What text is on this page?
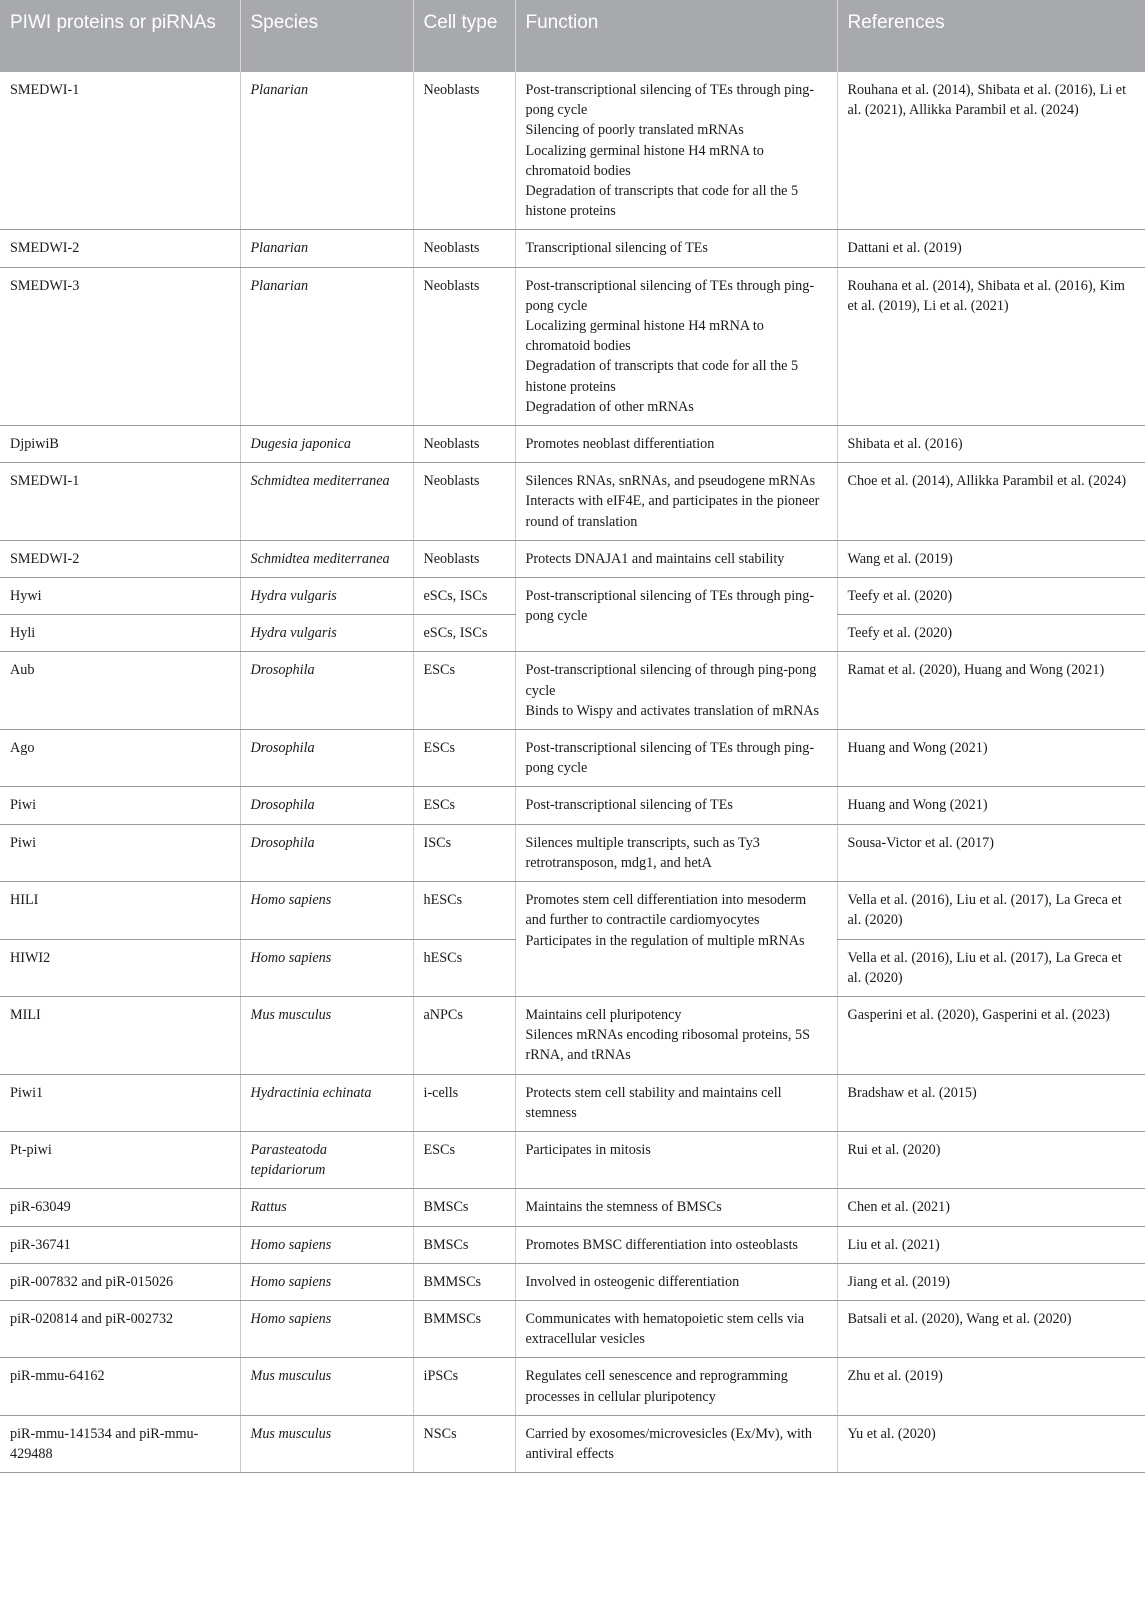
PIWI proteins or piRNAs	Species	Cell type	Function	References
SMEDWI-1	Planarian	Neoblasts	Post-transcriptional silencing of TEs through ping-pong cycle
Silencing of poorly translated mRNAs
Localizing germinal histone H4 mRNA to chromatoid bodies
Degradation of transcripts that code for all the 5 histone proteins	Rouhana et al. (2014), Shibata et al. (2016), Li et al. (2021), Allikka Parambil et al. (2024)
SMEDWI-2	Planarian	Neoblasts	Transcriptional silencing of TEs	Dattani et al. (2019)
SMEDWI-3	Planarian	Neoblasts	Post-transcriptional silencing of TEs through ping-pong cycle
Localizing germinal histone H4 mRNA to chromatoid bodies
Degradation of transcripts that code for all the 5 histone proteins
Degradation of other mRNAs	Rouhana et al. (2014), Shibata et al. (2016), Kim et al. (2019), Li et al. (2021)
DjpiwiB	Dugesia japonica	Neoblasts	Promotes neoblast differentiation	Shibata et al. (2016)
SMEDWI-1	Schmidtea mediterranea	Neoblasts	Silences RNAs, snRNAs, and pseudogene mRNAs
Interacts with eIF4E, and participates in the pioneer round of translation	Choe et al. (2014), Allikka Parambil et al. (2024)
SMEDWI-2	Schmidtea mediterranea	Neoblasts	Protects DNAJA1 and maintains cell stability	Wang et al. (2019)
Hywi	Hydra vulgaris	eSCs, ISCs	Post-transcriptional silencing of TEs through ping-pong cycle	Teefy et al. (2020)
Hyli	Hydra vulgaris	eSCs, ISCs		Teefy et al. (2020)
Aub	Drosophila	ESCs	Post-transcriptional silencing of through ping-pong cycle
Binds to Wispy and activates translation of mRNAs	Ramat et al. (2020), Huang and Wong (2021)
Ago	Drosophila	ESCs	Post-transcriptional silencing of TEs through ping-pong cycle	Huang and Wong (2021)
Piwi	Drosophila	ESCs	Post-transcriptional silencing of TEs	Huang and Wong (2021)
Piwi	Drosophila	ISCs	Silences multiple transcripts, such as Ty3 retrotransposon, mdg1, and hetA	Sousa-Victor et al. (2017)
HILI	Homo sapiens	hESCs	Promotes stem cell differentiation into mesoderm and further to contractile cardiomyocytes
Participates in the regulation of multiple mRNAs	Vella et al. (2016), Liu et al. (2017), La Greca et al. (2020)
HIWI2	Homo sapiens	hESCs		Vella et al. (2016), Liu et al. (2017), La Greca et al. (2020)
MILI	Mus musculus	aNPCs	Maintains cell pluripotency
Silences mRNAs encoding ribosomal proteins, 5S rRNA, and tRNAs	Gasperini et al. (2020), Gasperini et al. (2023)
Piwi1	Hydractinia echinata	i-cells	Protects stem cell stability and maintains cell stemness	Bradshaw et al. (2015)
Pt-piwi	Parasteatoda tepidariorum	ESCs	Participates in mitosis	Rui et al. (2020)
piR-63049	Rattus	BMSCs	Maintains the stemness of BMSCs	Chen et al. (2021)
piR-36741	Homo sapiens	BMSCs	Promotes BMSC differentiation into osteoblasts	Liu et al. (2021)
piR-007832 and piR-015026	Homo sapiens	BMMSCs	Involved in osteogenic differentiation	Jiang et al. (2019)
piR-020814 and piR-002732	Homo sapiens	BMMSCs	Communicates with hematopoietic stem cells via extracellular vesicles	Batsali et al. (2020), Wang et al. (2020)
piR-mmu-64162	Mus musculus	iPSCs	Regulates cell senescence and reprogramming processes in cellular pluripotency	Zhu et al. (2019)
piR-mmu-141534 and piR-mmu-429488	Mus musculus	NSCs	Carried by exosomes/microvesicles (Ex/Mv), with antiviral effects	Yu et al. (2020)
